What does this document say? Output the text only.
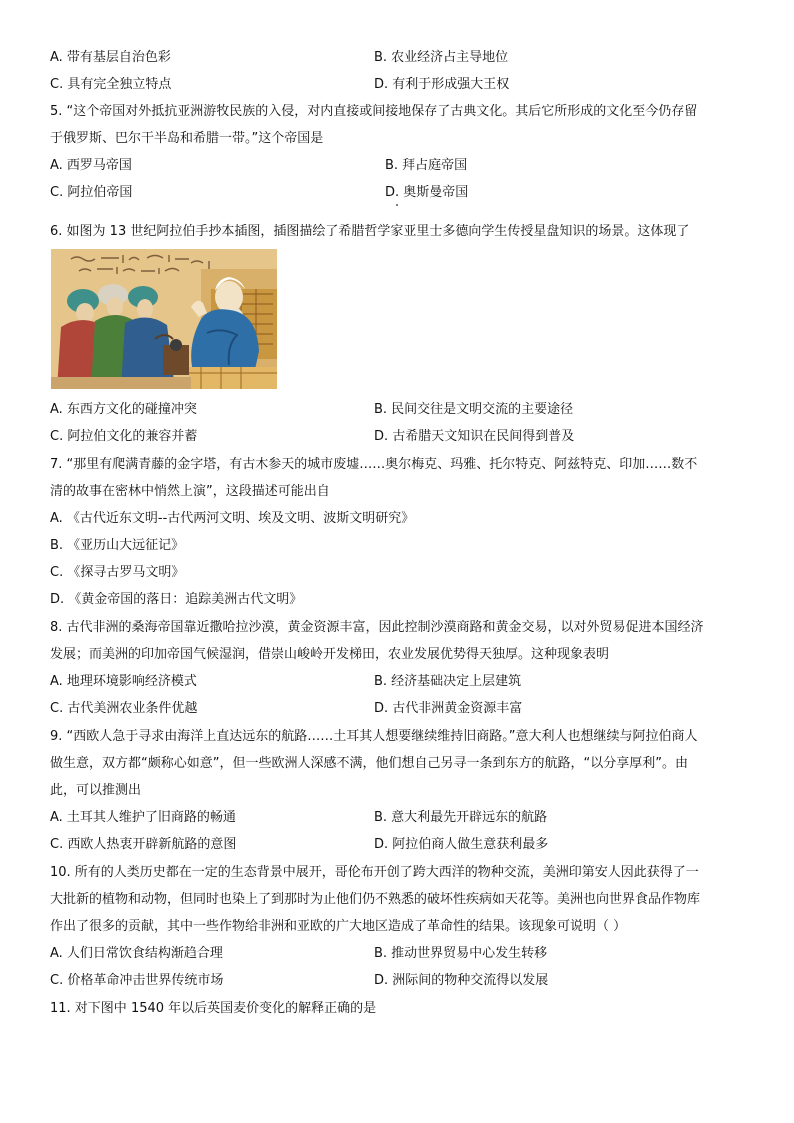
A. 带有基层自治色彩	B. 农业经济占主导地位
C. 具有完全独立特点	D. 有利于形成强大王权
5. “这个帝国对外抵抗亚洲游牧民族的入侵，对内直接或间接地保存了古典文化。其后它所形成的文化至今仍存留
于俄罗斯、巴尔干半岛和希腊一带。”这个帝国是
A. 西罗马帝国	B. 拜占庭帝国
C. 阿拉伯帝国	D. 奥斯曼帝国
6. 如图为 13 世纪阿拉伯手抄本插图，插图描绘了希腊哲学家亚里士多德向学生传授星盘知识的场景。这体现了
A. 东西方文化的碰撞冲突	B. 民间交往是文明交流的主要途径
C. 阿拉伯文化的兼容并蓄	D. 古希腊天文知识在民间得到普及
7. “那里有爬满青藤的金字塔，有古木参天的城市废墟……奥尔梅克、玛雅、托尔特克、阿兹特克、印加……数不
清的故事在密林中悄然上演”，这段描述可能出自
A. 《古代近东文明--古代两河文明、埃及文明、波斯文明研究》
B. 《亚历山大远征记》
C. 《探寻古罗马文明》
D. 《黄金帝国的落日：追踪美洲古代文明》
8. 古代非洲的桑海帝国靠近撒哈拉沙漠，黄金资源丰富，因此控制沙漠商路和黄金交易，以对外贸易促进本国经济
发展；而美洲的印加帝国气候湿润，借崇山峻岭开发梯田，农业发展优势得天独厚。这种现象表明
A. 地理环境影响经济模式	B. 经济基础决定上层建筑
C. 古代美洲农业条件优越	D. 古代非洲黄金资源丰富
9. “西欧人急于寻求由海洋上直达远东的航路……土耳其人想要继续维持旧商路。”意大利人也想继续与阿拉伯商人
做生意，双方都“颇称心如意”，但一些欧洲人深感不满，他们想自己另寻一条到东方的航路，“以分享厚利”。由
此，可以推测出
A. 土耳其人维护了旧商路的畅通	B. 意大利最先开辟远东的航路
C. 西欧人热衷开辟新航路的意图	D. 阿拉伯商人做生意获利最多
10. 所有的人类历史都在一定的生态背景中展开，哥伦布开创了跨大西洋的物种交流，美洲印第安人因此获得了一
大批新的植物和动物，但同时也染上了到那时为止他们仍不熟悉的破坏性疾病如天花等。美洲也向世界食品作物库
作出了很多的贡献，其中一些作物给非洲和亚欧的广大地区造成了革命性的结果。该现象可说明（ ）
A. 人们日常饮食结构渐趋合理	B. 推动世界贸易中心发生转移
C. 价格革命冲击世界传统市场	D. 洲际间的物种交流得以发展
11. 对下图中 1540 年以后英国麦价变化的解释正确的是
